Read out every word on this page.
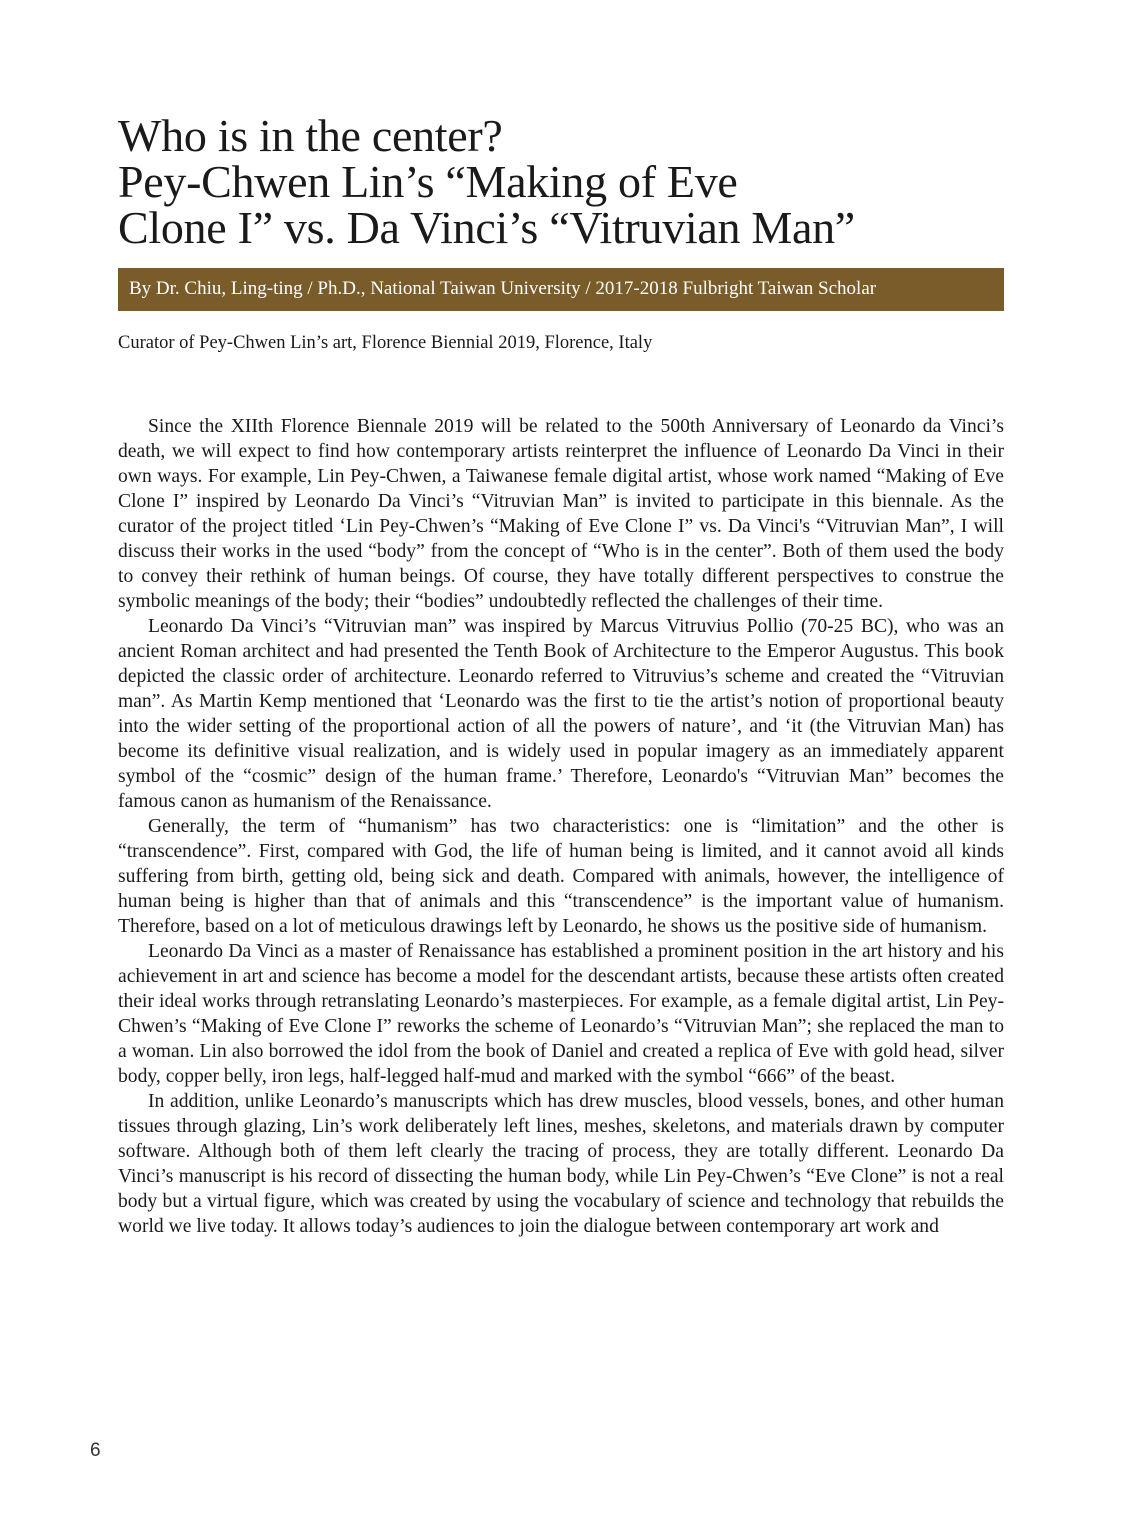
Who is in the center?
Pey-Chwen Lin’s “Making of Eve
Clone I” vs. Da Vinci’s “Vitruvian Man”
By Dr. Chiu, Ling-ting / Ph.D., National Taiwan University / 2017-2018 Fulbright Taiwan Scholar
Curator of Pey-Chwen Lin’s art, Florence Biennial 2019, Florence, Italy

Since the XIIth Florence Biennale 2019 will be related to the 500th Anniversary of Leonardo da Vinci’s death, we will expect to find how contemporary artists reinterpret the influence of Leonardo Da Vinci in their own ways. For example, Lin Pey-Chwen, a Taiwanese female digital artist, whose work named “Making of Eve Clone I” inspired by Leonardo Da Vinci’s “Vitruvian Man” is invited to participate in this biennale. As the curator of the project titled ‘Lin Pey-Chwen’s “Making of Eve Clone I” vs. Da Vinci's “Vitruvian Man”, I will discuss their works in the used “body” from the concept of “Who is in the center”. Both of them used the body to convey their rethink of human beings. Of course, they have totally different perspectives to construe the symbolic meanings of the body; their “bodies” undoubtedly reflected the challenges of their time.

Leonardo Da Vinci’s “Vitruvian man” was inspired by Marcus Vitruvius Pollio (70-25 BC), who was an ancient Roman architect and had presented the Tenth Book of Architecture to the Emperor Augustus. This book depicted the classic order of architecture. Leonardo referred to Vitruvius’s scheme and created the “Vitruvian man”. As Martin Kemp mentioned that ‘Leonardo was the first to tie the artist’s notion of proportional beauty into the wider setting of the proportional action of all the powers of nature’, and ‘it (the Vitruvian Man) has become its definitive visual realization, and is widely used in popular imagery as an immediately apparent symbol of the “cosmic” design of the human frame.’ Therefore, Leonardo's “Vitruvian Man” becomes the famous canon as humanism of the Renaissance.

Generally, the term of “humanism” has two characteristics: one is “limitation” and the other is “transcendence”. First, compared with God, the life of human being is limited, and it cannot avoid all kinds suffering from birth, getting old, being sick and death. Compared with animals, however, the intelligence of human being is higher than that of animals and this “transcendence” is the important value of humanism. Therefore, based on a lot of meticulous drawings left by Leonardo, he shows us the positive side of humanism.

Leonardo Da Vinci as a master of Renaissance has established a prominent position in the art history and his achievement in art and science has become a model for the descendant artists, because these artists often created their ideal works through retranslating Leonardo’s masterpieces. For example, as a female digital artist, Lin Pey-Chwen’s “Making of Eve Clone I” reworks the scheme of Leonardo’s “Vitruvian Man”; she replaced the man to a woman. Lin also borrowed the idol from the book of Daniel and created a replica of Eve with gold head, silver body, copper belly, iron legs, half-legged half-mud and marked with the symbol “666” of the beast.

In addition, unlike Leonardo’s manuscripts which has drew muscles, blood vessels, bones, and other human tissues through glazing, Lin’s work deliberately left lines, meshes, skeletons, and materials drawn by computer software. Although both of them left clearly the tracing of process, they are totally different. Leonardo Da Vinci’s manuscript is his record of dissecting the human body, while Lin Pey-Chwen’s “Eve Clone” is not a real body but a virtual figure, which was created by using the vocabulary of science and technology that rebuilds the world we live today. It allows today’s audiences to join the dialogue between contemporary art work and

6
